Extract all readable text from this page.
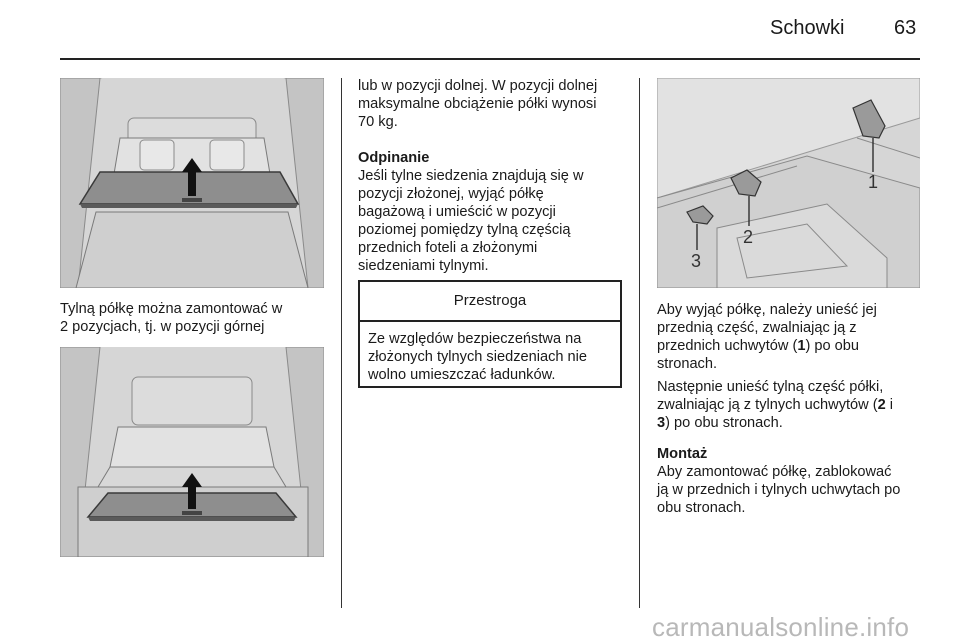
Schowki 63

Tylną półkę można zamontować w

2 pozycjach, tj. w pozycji górnej

lub w pozycji dolnej. W pozycji dolnej

maksymalne obciążenie półki wynosi

70 kg.

Odpinanie

Jeśli tylne siedzenia znajdują się w

pozycji złożonej, wyjąć półkę

bagażową i umieścić w pozycji

poziomej pomiędzy tylną częścią

przednich foteli a złożonymi

siedzeniami tylnymi.

Przestroga
Ze względów bezpieczeństwa na
złożonych tylnych siedzeniach nie
wolno umieszczać ładunków.
1
2
3

Aby wyjąć półkę, należy unieść jej

przednią część, zwalniając ją z

przednich uchwytów (1) po obu

stronach.

Następnie unieść tylną część półki,

zwalniając ją z tylnych uchwytów (2 i

3) po obu stronach.

Montaż

Aby zamontować półkę, zablokować

ją w przednich i tylnych uchwytach po

obu stronach.

carmanualsonline.info
